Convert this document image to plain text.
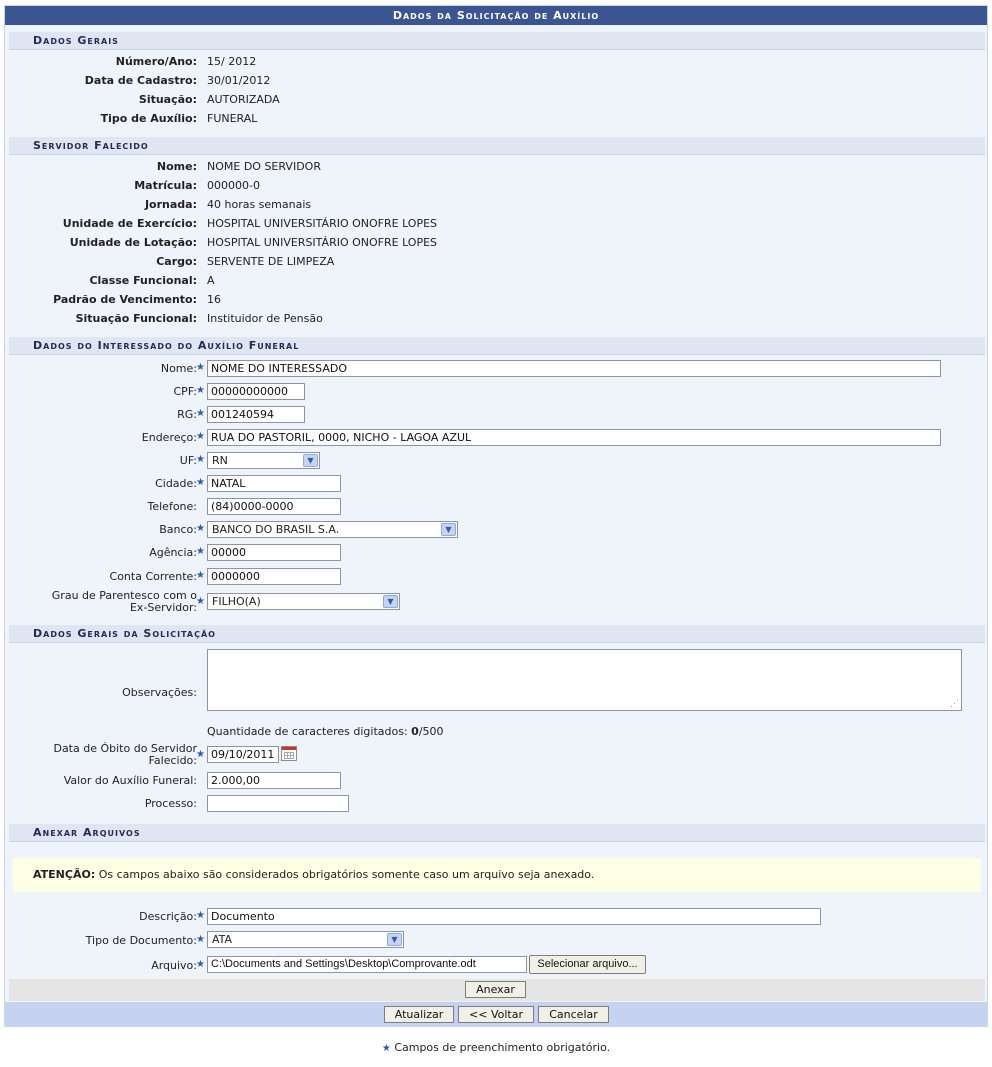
Dados da Solicitação de Auxílio
Dados Gerais
Número/Ano: 15/ 2012
Data de Cadastro: 30/01/2012
Situação: AUTORIZADA
Tipo de Auxílio: FUNERAL
Servidor Falecido
Nome: NOME DO SERVIDOR
Matrícula: 000000-0
Jornada: 40 horas semanais
Unidade de Exercício: HOSPITAL UNIVERSITÁRIO ONOFRE LOPES
Unidade de Lotação: HOSPITAL UNIVERSITÁRIO ONOFRE LOPES
Cargo: SERVENTE DE LIMPEZA
Classe Funcional: A
Padrão de Vencimento: 16
Situação Funcional: Instituidor de Pensão
Dados do Interessado do Auxílio Funeral
Nome: ★ NOME DO INTERESSADO
CPF: ★ 00000000000
RG: ★ 001240594
Endereço: ★ RUA DO PASTORIL, 0000, NICHO - LAGOA AZUL
UF: ★ RN	▼
Cidade: ★ NATAL
Telefone:	(84)0000-0000
Banco: ★ BANCO DO BRASIL S.A.	▼
Agência: ★ 00000
Conta Corrente: ★ 0000000
Grau de Parentesco com o
Ex-Servidor: ★ FILHO(A)	▼
Dados Gerais da Solicitação
Observações:
⋰
Quantidade de caracteres digitados: 0/500
Data de Óbito do Servidor
Falecido: ★ 09/10/2011
Valor do Auxílio Funeral:	2.000,00
Processo:
Anexar Arquivos
ATENÇÃO: Os campos abaixo são considerados obrigatórios somente caso um arquivo seja anexado.
Descrição: ★ Documento
Tipo de Documento: ★ ATA	▼
Arquivo: ★ C:\Documents and Settings\Desktop\Comprovante.odt	Selecionar arquivo...
Anexar
Atualizar	<< Voltar	Cancelar
★ Campos de preenchimento obrigatório.
